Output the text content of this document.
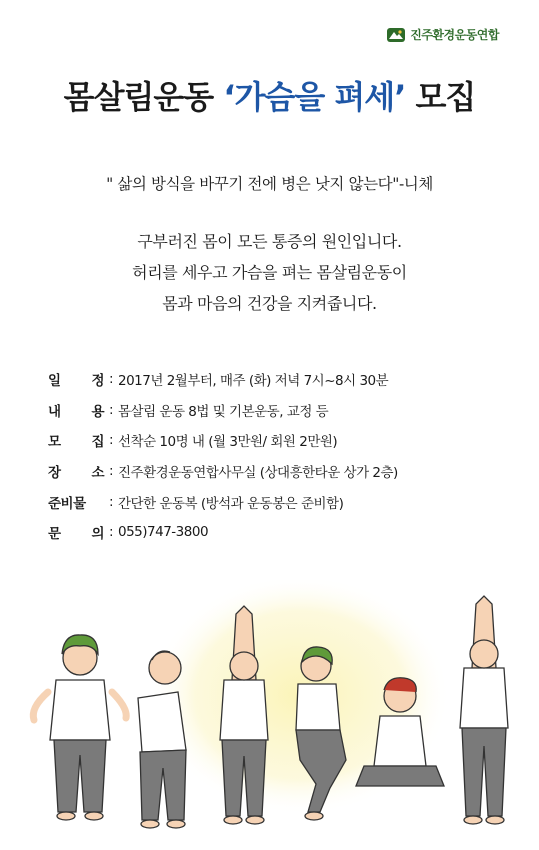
진주환경운동연합
몸살림운동 ‘가슴을 펴세’ 모집
" 삶의 방식을 바꾸기 전에 병은 낫지 않는다"-니체
구부러진 몸이 모든 통증의 원인입니다.
허리를 세우고 가슴을 펴는 몸살림운동이
몸과 마음의 건강을 지켜줍니다.
일 정 : 2017년 2월부터, 매주 (화) 저녁 7시~8시 30분
내 용 : 몸살림 운동 8법 및 기본운동, 교정 등
모 집 : 선착순 10명 내 (월 3만원/ 회원 2만원)
장 소 : 진주환경운동연합사무실 (상대흥한타운 상가 2층)
준비물	: 간단한 운동복 (방석과 운동봉은 준비함)
문 의 : 055)747-3800
